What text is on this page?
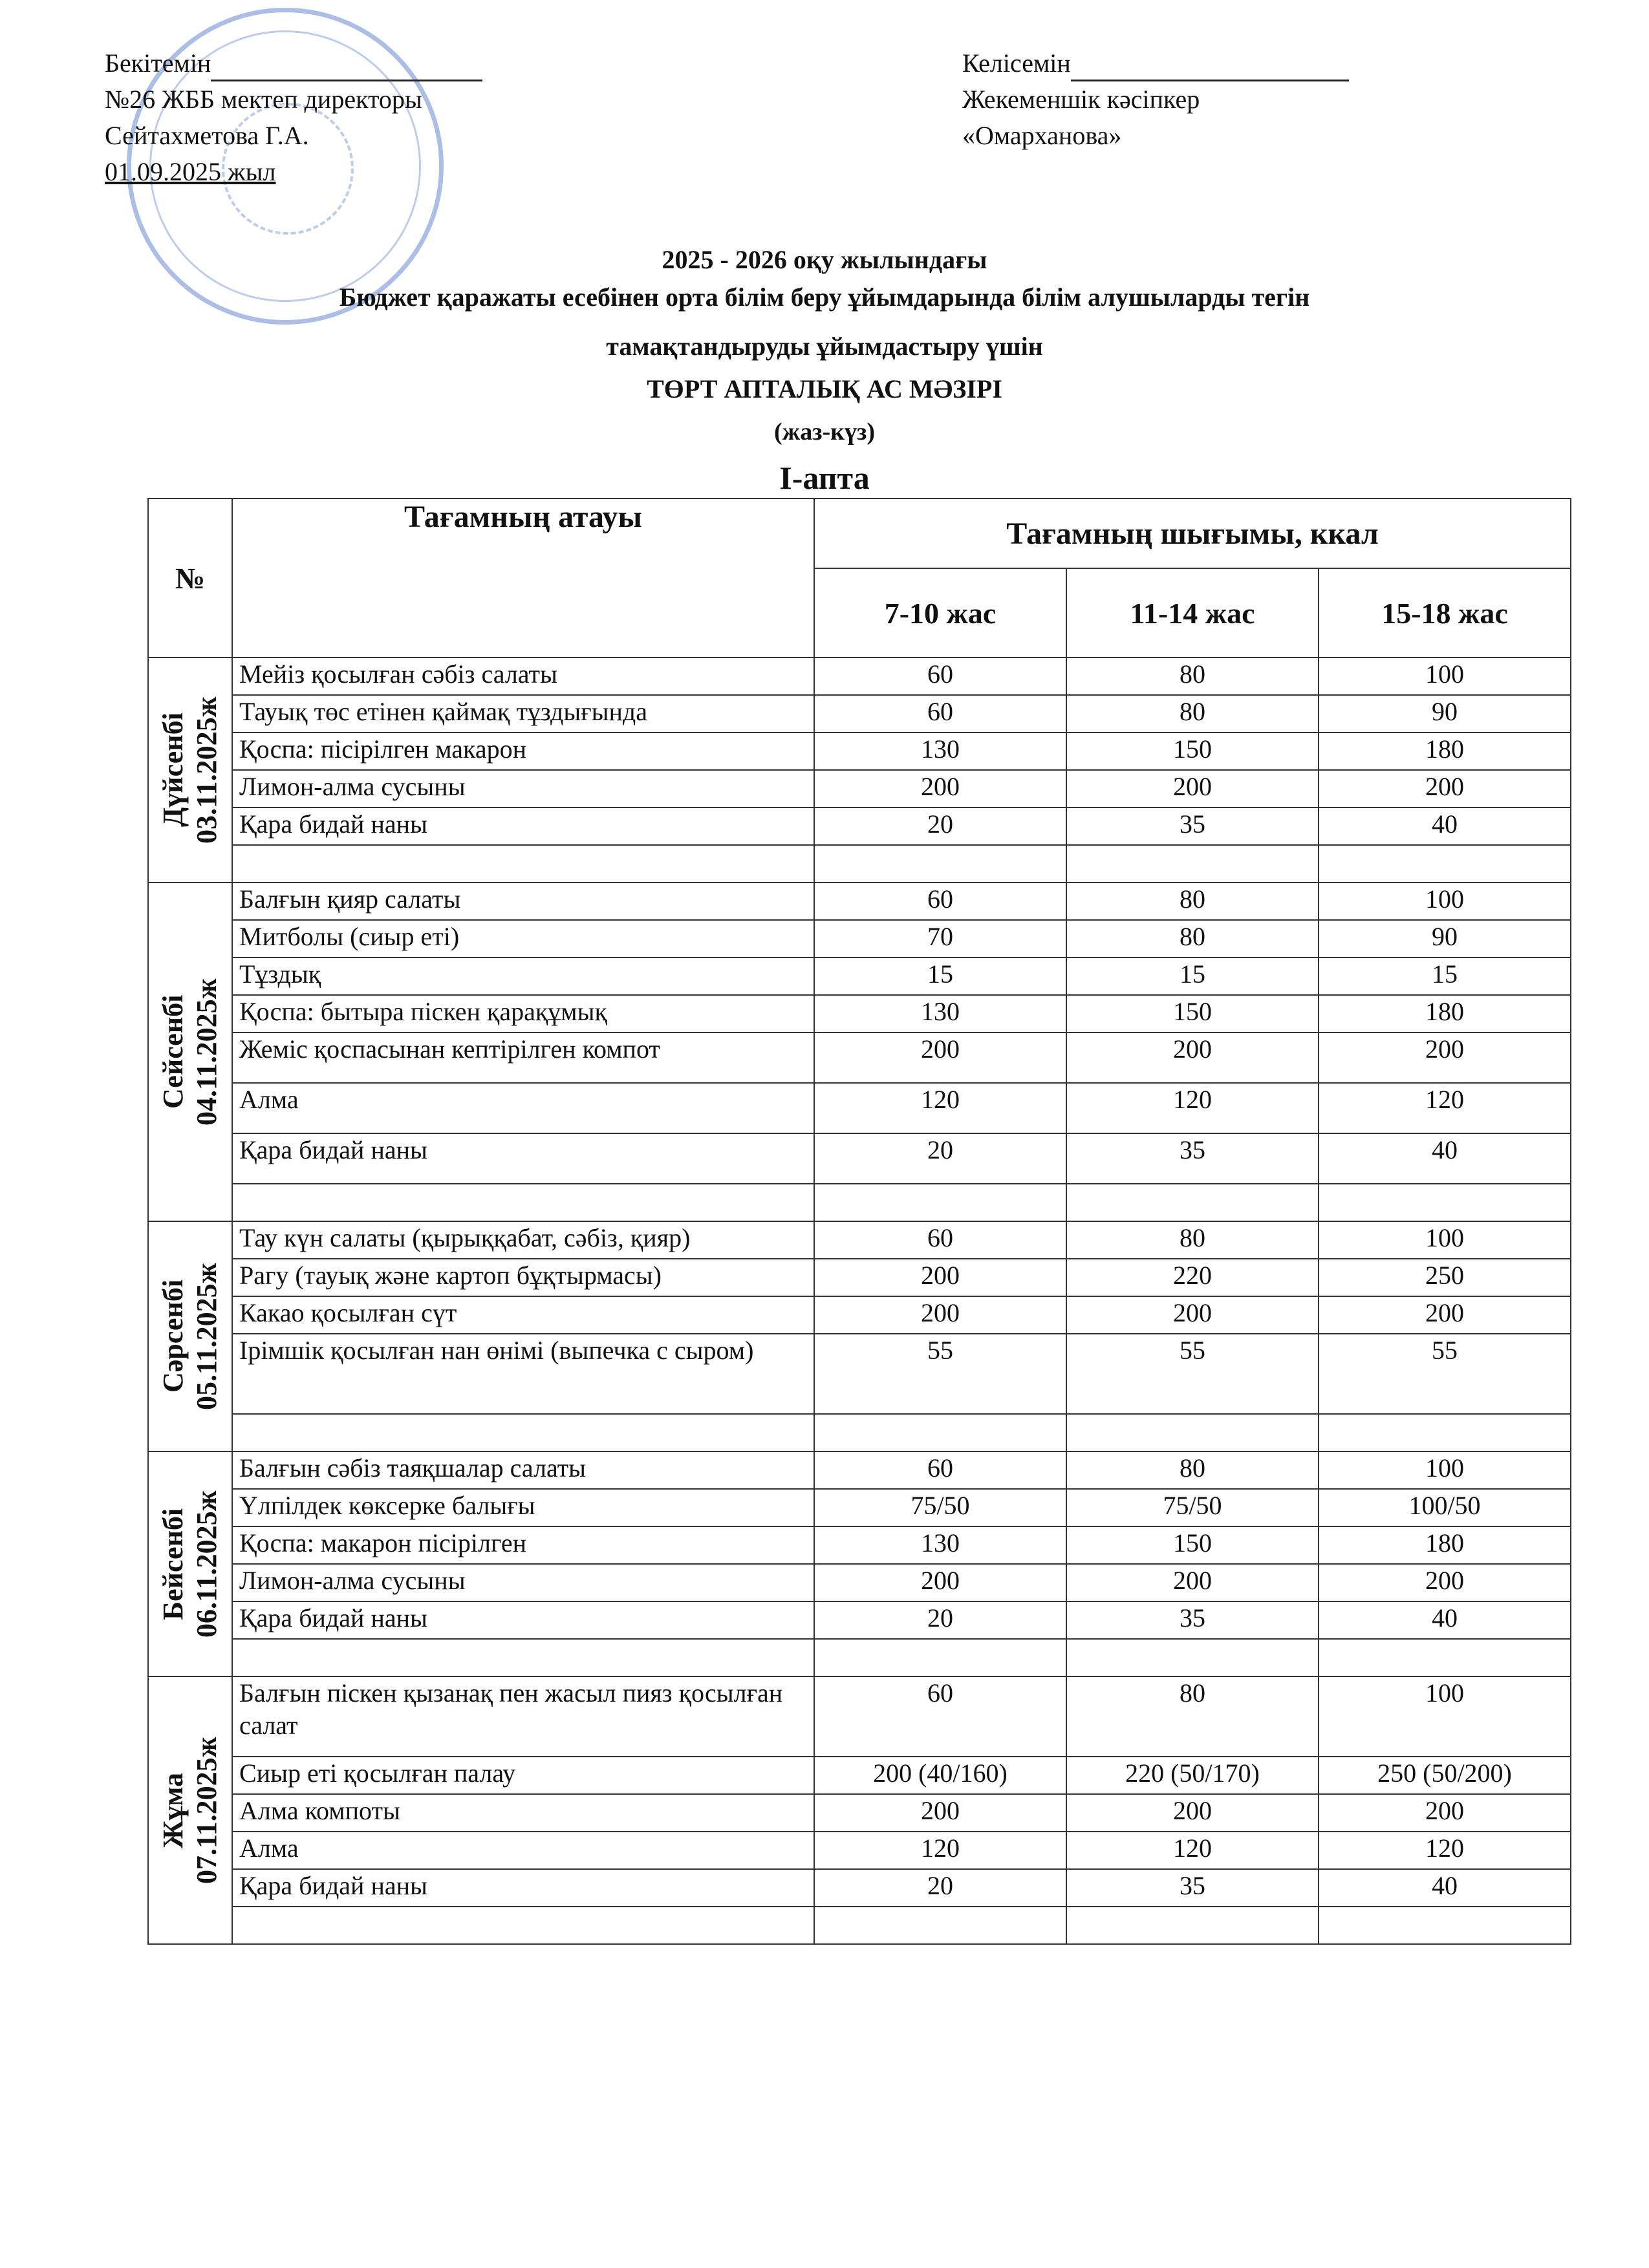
Бекітемін
№26 ЖББ мектеп директоры
Сейтахметова Г.А.
01.09.2025 жыл
Келісемін
Жекеменшік кәсіпкер
«Омарханова»
2025 - 2026 оқу жылындағы
Бюджет қаражаты есебінен орта білім беру ұйымдарында білім алушыларды тегін
тамақтандыруды ұйымдастыру үшін
ТӨРТ АПТАЛЫҚ АС МӘЗІРІ
(жаз-күз)
I-апта
№	Тағамның атауы	Тағамның шығымы, ккал		
		7-10 жас	11-14 жас	15-18 жас
Дүйсенбі
03.11.2025ж	Мейіз қосылған сәбіз салаты	60	80	100
	Тауық төс етінен қаймақ тұздығында	60	80	90
	Қоспа: пісірілген макарон	130	150	180
	Лимон-алма сусыны	200	200	200
	Қара бидай наны	20	35	40

Сейсенбі
04.11.2025ж	Балғын қияр салаты	60	80	100
	Митболы (сиыр еті)	70	80	90
	Тұздық	15	15	15
	Қоспа: бытыра піскен қарақұмық	130	150	180
	Жеміс қоспасынан кептірілген компот	200	200	200
	Алма	120	120	120
	Қара бидай наны	20	35	40

Сәрсенбі
05.11.2025ж	Тау күн салаты (қырыққабат, сәбіз, қияр)	60	80	100
	Рагу (тауық және картоп бұқтырмасы)	200	220	250
	Какао қосылған сүт	200	200	200
	Ірімшік қосылған нан өнімі (выпечка с сыром)	55	55	55

Бейсенбі
06.11.2025ж	Балғын сәбіз таяқшалар салаты	60	80	100
	Үлпілдек көксерке балығы	75/50	75/50	100/50
	Қоспа: макарон пісірілген	130	150	180
	Лимон-алма сусыны	200	200	200
	Қара бидай наны	20	35	40

Жұма
07.11.2025ж	Балғын піскен қызанақ пен жасыл пияз қосылған салат	60	80	100
	Сиыр еті қосылған палау	200 (40/160)	220 (50/170)	250 (50/200)
	Алма компоты	200	200	200
	Алма	120	120	120
	Қара бидай наны	20	35	40
